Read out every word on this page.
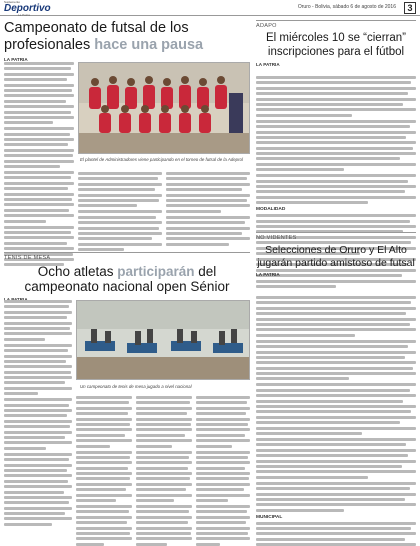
Suplemento
Deportivo
La Patria
Oruro - Bolivia, sábado 6 de agosto de 2016	3
Campeonato de futsal de los
profesionales hace una pausa
LA PATRIA
El plantel de Administradores viene participando en el torneo de futsal de la Adeprol
TENIS DE MESA
Ocho atletas participarán del
campeonato nacional open Sénior
Un campeonato de tenis de mesa jugado a nivel nacional
ADAPO
El miércoles 10 se “cierran” inscripciones para el fútbol
LA PATRIA
MODALIDAD
NO VIDENTES
Selecciones de Oruro y El Alto jugarán partido amistoso de futsal
LA PATRIA
MUNICIPAL
